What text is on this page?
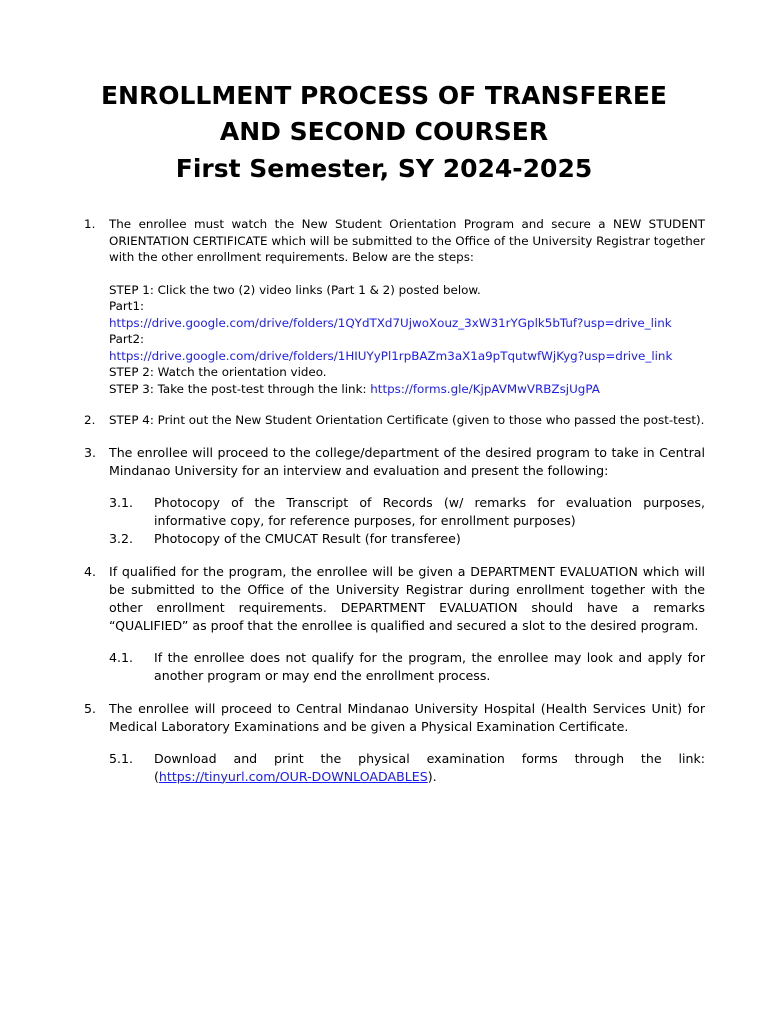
ENROLLMENT PROCESS OF TRANSFEREE
AND SECOND COURSER
First Semester, SY 2024-2025
1. The enrollee must watch the New Student Orientation Program and secure a NEW STUDENT ORIENTATION CERTIFICATE which will be submitted to the Office of the University Registrar together with the other enrollment requirements. Below are the steps:
STEP 1: Click the two (2) video links (Part 1 & 2) posted below.
Part1:
https://drive.google.com/drive/folders/1QYdTXd7UjwoXouz_3xW31rYGplk5bTuf?usp=drive_link
Part2:
https://drive.google.com/drive/folders/1HIUYyPl1rpBAZm3aX1a9pTqutwfWjKyg?usp=drive_link
STEP 2: Watch the orientation video.
STEP 3: Take the post-test through the link: https://forms.gle/KjpAVMwVRBZsjUgPA
2. STEP 4: Print out the New Student Orientation Certificate (given to those who passed the post-test).
3. The enrollee will proceed to the college/department of the desired program to take in Central Mindanao University for an interview and evaluation and present the following:
3.1. Photocopy of the Transcript of Records (w/ remarks for evaluation purposes, informative copy, for reference purposes, for enrollment purposes)
3.2. Photocopy of the CMUCAT Result (for transferee)
4. If qualified for the program, the enrollee will be given a DEPARTMENT EVALUATION which will be submitted to the Office of the University Registrar during enrollment together with the other enrollment requirements. DEPARTMENT EVALUATION should have a remarks “QUALIFIED” as proof that the enrollee is qualified and secured a slot to the desired program.
4.1. If the enrollee does not qualify for the program, the enrollee may look and apply for another program or may end the enrollment process.
5. The enrollee will proceed to Central Mindanao University Hospital (Health Services Unit) for Medical Laboratory Examinations and be given a Physical Examination Certificate.
5.1. Download and print the physical examination forms through the link:
(https://tinyurl.com/OUR-DOWNLOADABLES).
